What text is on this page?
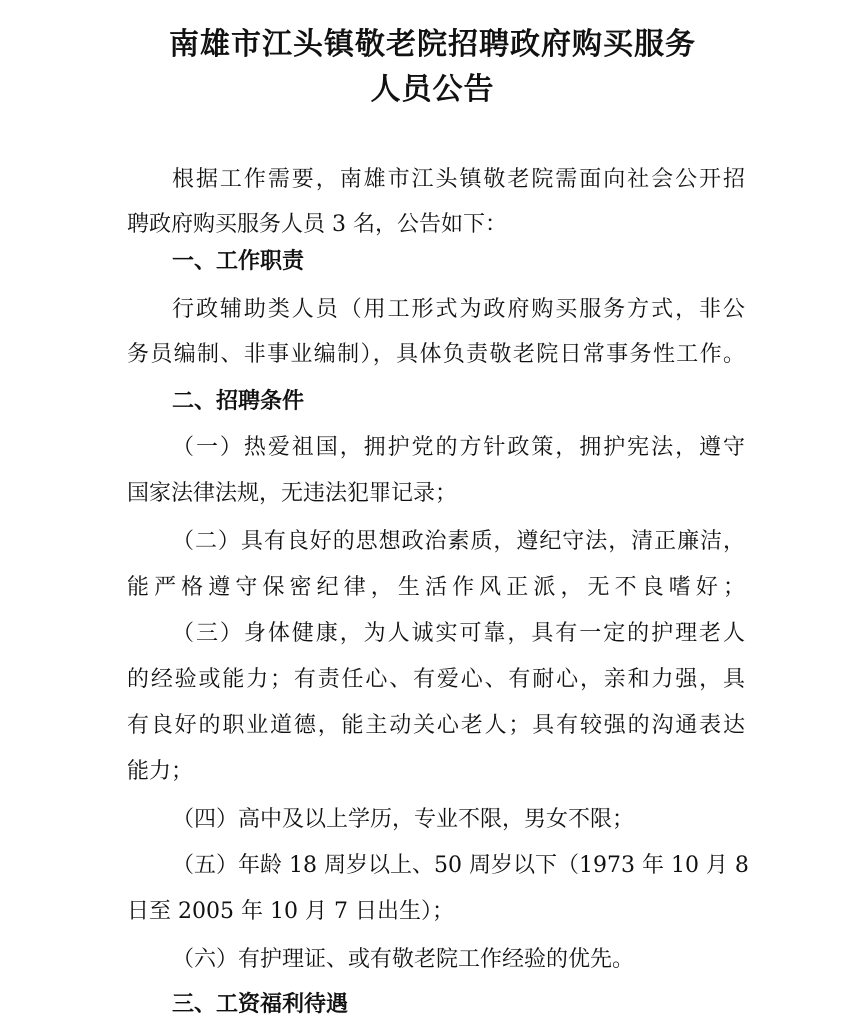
南雄市江头镇敬老院招聘政府购买服务
人员公告
根据工作需要，南雄市江头镇敬老院需面向社会公开招
聘政府购买服务人员 3 名，公告如下：
一、工作职责
行政辅助类人员（用工形式为政府购买服务方式，非公
务员编制、非事业编制），具体负责敬老院日常事务性工作。
二、招聘条件
（一）热爱祖国，拥护党的方针政策，拥护宪法，遵守
国家法律法规，无违法犯罪记录；
（二）具有良好的思想政治素质，遵纪守法，清正廉洁，
能严格遵守保密纪律，生活作风正派，无不良嗜好；
（三）身体健康，为人诚实可靠，具有一定的护理老人
的经验或能力；有责任心、有爱心、有耐心，亲和力强，具
有良好的职业道德，能主动关心老人；具有较强的沟通表达
能力；
（四）高中及以上学历，专业不限，男女不限；
（五）年龄 18 周岁以上、50 周岁以下（1973 年 10 月 8
日至 2005 年 10 月 7 日出生）；
（六）有护理证、或有敬老院工作经验的优先。
三、工资福利待遇
